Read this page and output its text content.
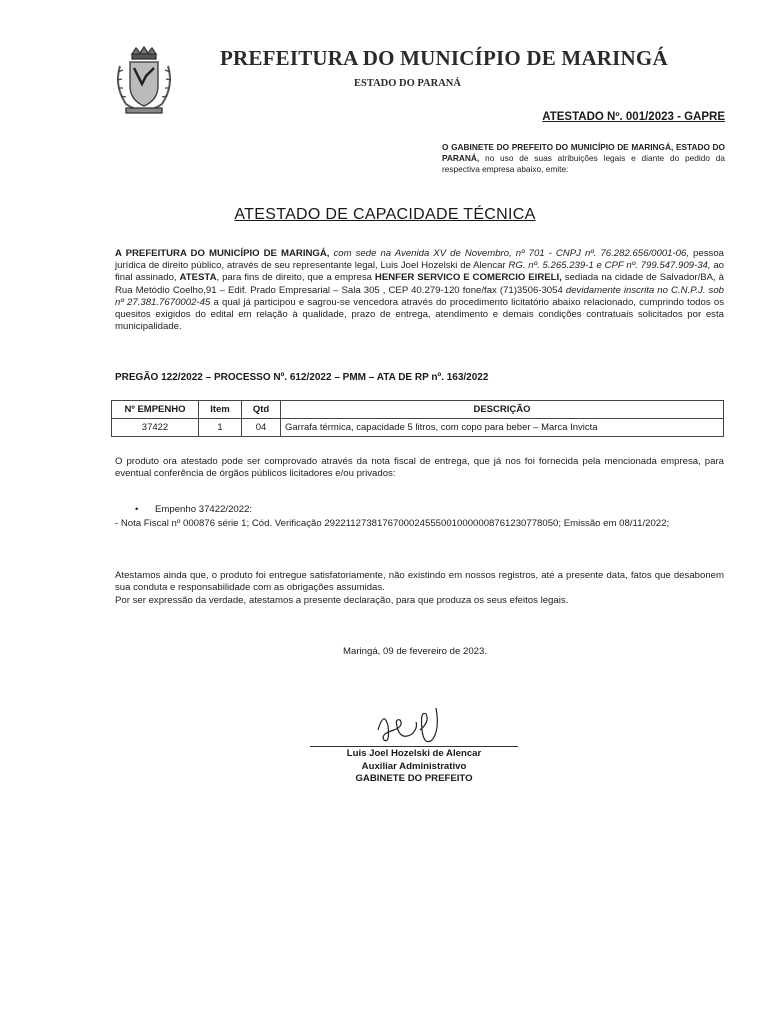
PREFEITURA DO MUNICÍPIO DE MARINGÁ
ESTADO DO PARANÁ
ATESTADO Nº. 001/2023 - GAPRE
O GABINETE DO PREFEITO DO MUNICÍPIO DE MARINGÁ, ESTADO DO PARANÁ, no uso de suas atribuições legais e diante do pedido da respectiva empresa abaixo, emite:
ATESTADO DE CAPACIDADE TÉCNICA
A PREFEITURA DO MUNICÍPIO DE MARINGÁ, com sede na Avenida XV de Novembro, nº 701 - CNPJ nº. 76.282.656/0001-06, pessoa jurídica de direito público, através de seu representante legal, Luis Joel Hozelski de Alencar RG. nº. 5.265.239-1 e CPF nº. 799.547.909-34, ao final assinado, ATESTA, para fins de direito, que a empresa HENFER SERVICO E COMERCIO EIRELI, sediada na cidade de Salvador/BA, à Rua Metódio Coelho,91 – Edif. Prado Empresarial – Sala 305 , CEP 40.279-120 fone/fax (71)3506-3054 devidamente inscrita no C.N.P.J. sob nº 27.381.7670002-45 a qual já participou e sagrou-se vencedora através do procedimento licitatório abaixo relacionado, cumprindo todos os quesitos exigidos do edital em relação à qualidade, prazo de entrega, atendimento e demais condições contratuais solicitados por esta municipalidade.
PREGÃO 122/2022 – PROCESSO Nº. 612/2022 – PMM – ATA DE RP nº. 163/2022
Nº EMPENHO	Item	Qtd	DESCRIÇÃO
37422	1	04	Garrafa térmica, capacidade 5 litros, com copo para beber – Marca Invicta
O produto ora atestado pode ser comprovado através da nota fiscal de entrega, que já nos foi fornecida pela mencionada empresa, para eventual conferência de órgãos públicos licitadores e/ou privados:
• Empenho 37422/2022:
- Nota Fiscal nº 000876 série 1; Cód. Verificação 29221127381767000245550010000008761230778050; Emissão em 08/11/2022;
Atestamos ainda que, o produto foi entregue satisfatoriamente, não existindo em nossos registros, até a presente data, fatos que desabonem sua conduta e responsabilidade com as obrigações assumidas.
Por ser expressão da verdade, atestamos a presente declaração, para que produza os seus efeitos legais.
Maringá, 09 de fevereiro de 2023.
Luis Joel Hozelski de Alencar
Auxiliar Administrativo
GABINETE DO PREFEITO
